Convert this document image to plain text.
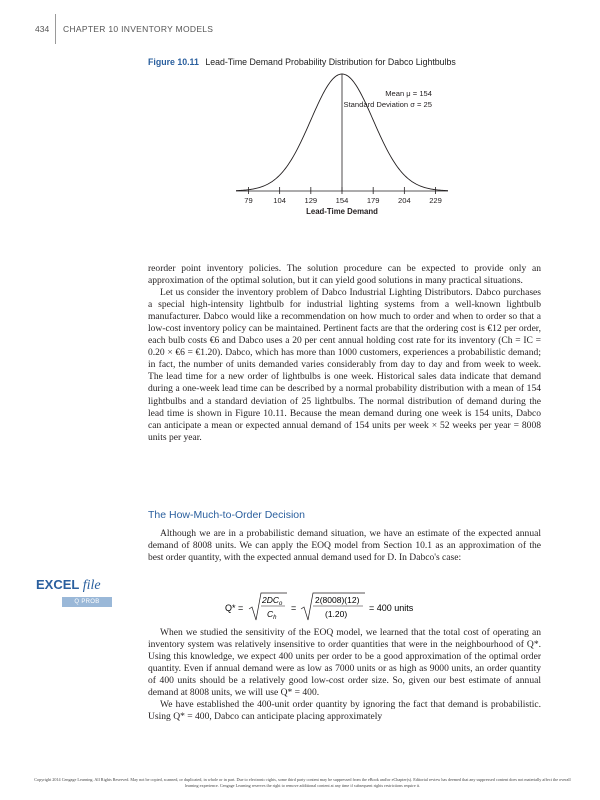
434 CHAPTER 10 INVENTORY MODELS
Figure 10.11 Lead-Time Demand Probability Distribution for Dabco Lightbulbs
79	104 129 154 179 204 229
Mean μ = 154
Standard Deviation σ = 25
Lead-Time Demand

reorder point inventory policies. The solution procedure can be expected to provide only an approximation of the optimal solution, but it can yield good solutions in many practical situations.

Let us consider the inventory problem of Dabco Industrial Lighting Distributors. Dabco purchases a special high-intensity lightbulb for industrial lighting systems from a well-known lightbulb manufacturer. Dabco would like a recommendation on how much to order and when to order so that a low-cost inventory policy can be maintained. Pertinent facts are that the ordering cost is €12 per order, each bulb costs €6 and Dabco uses a 20 per cent annual holding cost rate for its inventory (Ch = IC = 0.20 × €6 = €1.20). Dabco, which has more than 1000 customers, experiences a probabilistic demand; in fact, the number of units demanded varies considerably from day to day and from week to week. The lead time for a new order of lightbulbs is one week. Historical sales data indicate that demand during a one-week lead time can be described by a normal probability distribution with a mean of 154 lightbulbs and a standard deviation of 25 lightbulbs. The normal distribution of demand during the lead time is shown in Figure 10.11. Because the mean demand during one week is 154 units, Dabco can anticipate a mean or expected annual demand of 154 units per week × 52 weeks per year = 8008 units per year.

The How-Much-to-Order Decision

Although we are in a probabilistic demand situation, we have an estimate of the expected annual demand of 8008 units. We can apply the EOQ model from Section 10.1 as an approximation of the best order quantity, with the expected annual demand used for D. In Dabco's case:

EXCEL file
Q PROB
Q* =
$2DC_o$
$C_h$
=
2(8008)(12)
(1.20)
= 400 units

When we studied the sensitivity of the EOQ model, we learned that the total cost of operating an inventory system was relatively insensitive to order quantities that were in the neighbourhood of Q*. Using this knowledge, we expect 400 units per order to be a good approximation of the optimal order quantity. Even if annual demand were as low as 7000 units or as high as 9000 units, an order quantity of 400 units should be a relatively good low-cost order size. So, given our best estimate of annual demand at 8008 units, we will use Q* = 400.

We have established the 400-unit order quantity by ignoring the fact that demand is probabilistic. Using Q* = 400, Dabco can anticipate placing approximately

Copyright 2014 Cengage Learning. All Rights Reserved. May not be copied, scanned, or duplicated, in whole or in part. Due to electronic rights, some third party content may be suppressed from the eBook and/or eChapter(s). Editorial review has deemed that any suppressed content does not materially affect the overall learning experience. Cengage Learning reserves the right to remove additional content at any time if subsequent rights restrictions require it.
